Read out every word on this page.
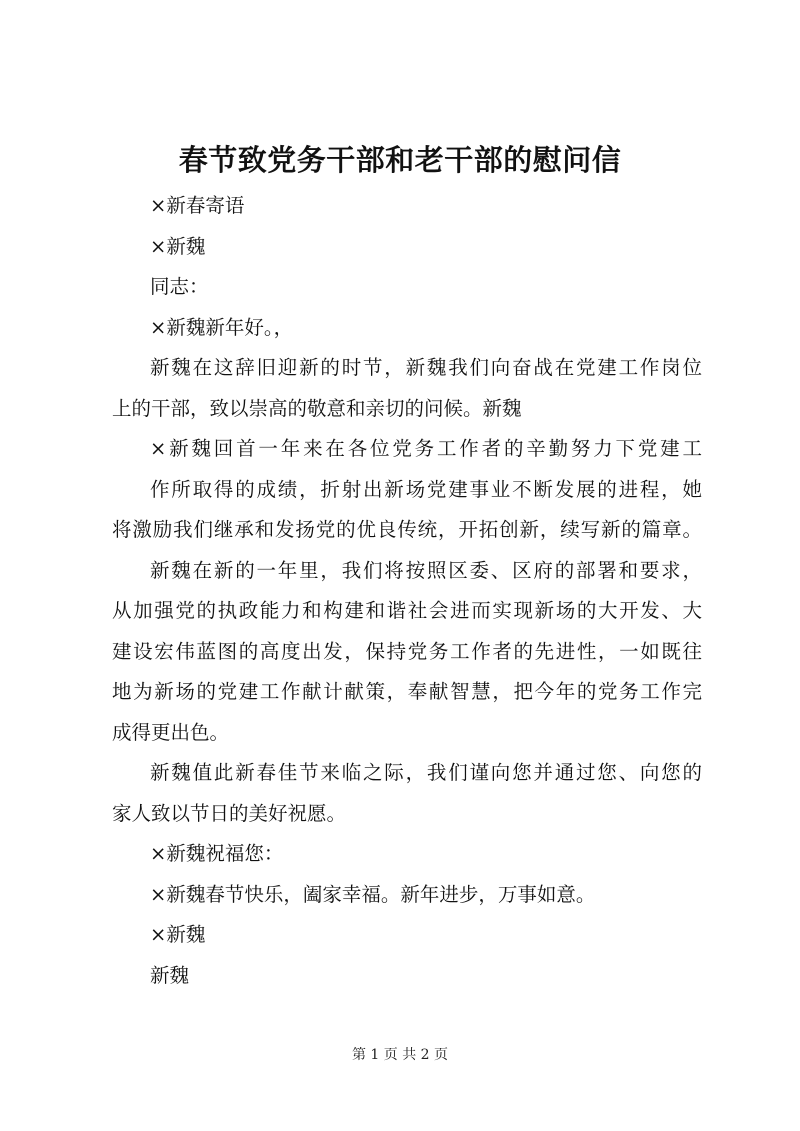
春节致党务干部和老干部的慰问信
×新春寄语
×新魏
同志：
×新魏新年好。，
新魏在这辞旧迎新的时节，新魏我们向奋战在党建工作岗位
上的干部，致以崇高的敬意和亲切的问候。新魏
×新魏回首一年来在各位党务工作者的辛勤努力下党建工
作所取得的成绩，折射出新场党建事业不断发展的进程，她
将激励我们继承和发扬党的优良传统，开拓创新，续写新的篇章。
新魏在新的一年里，我们将按照区委、区府的部署和要求，
从加强党的执政能力和构建和谐社会进而实现新场的大开发、大
建设宏伟蓝图的高度出发，保持党务工作者的先进性，一如既往
地为新场的党建工作献计献策，奉献智慧，把今年的党务工作完
成得更出色。
新魏值此新春佳节来临之际，我们谨向您并通过您、向您的
家人致以节日的美好祝愿。
×新魏祝福您：
×新魏春节快乐，阖家幸福。新年进步，万事如意。
×新魏
新魏
第 1 页 共 2 页
